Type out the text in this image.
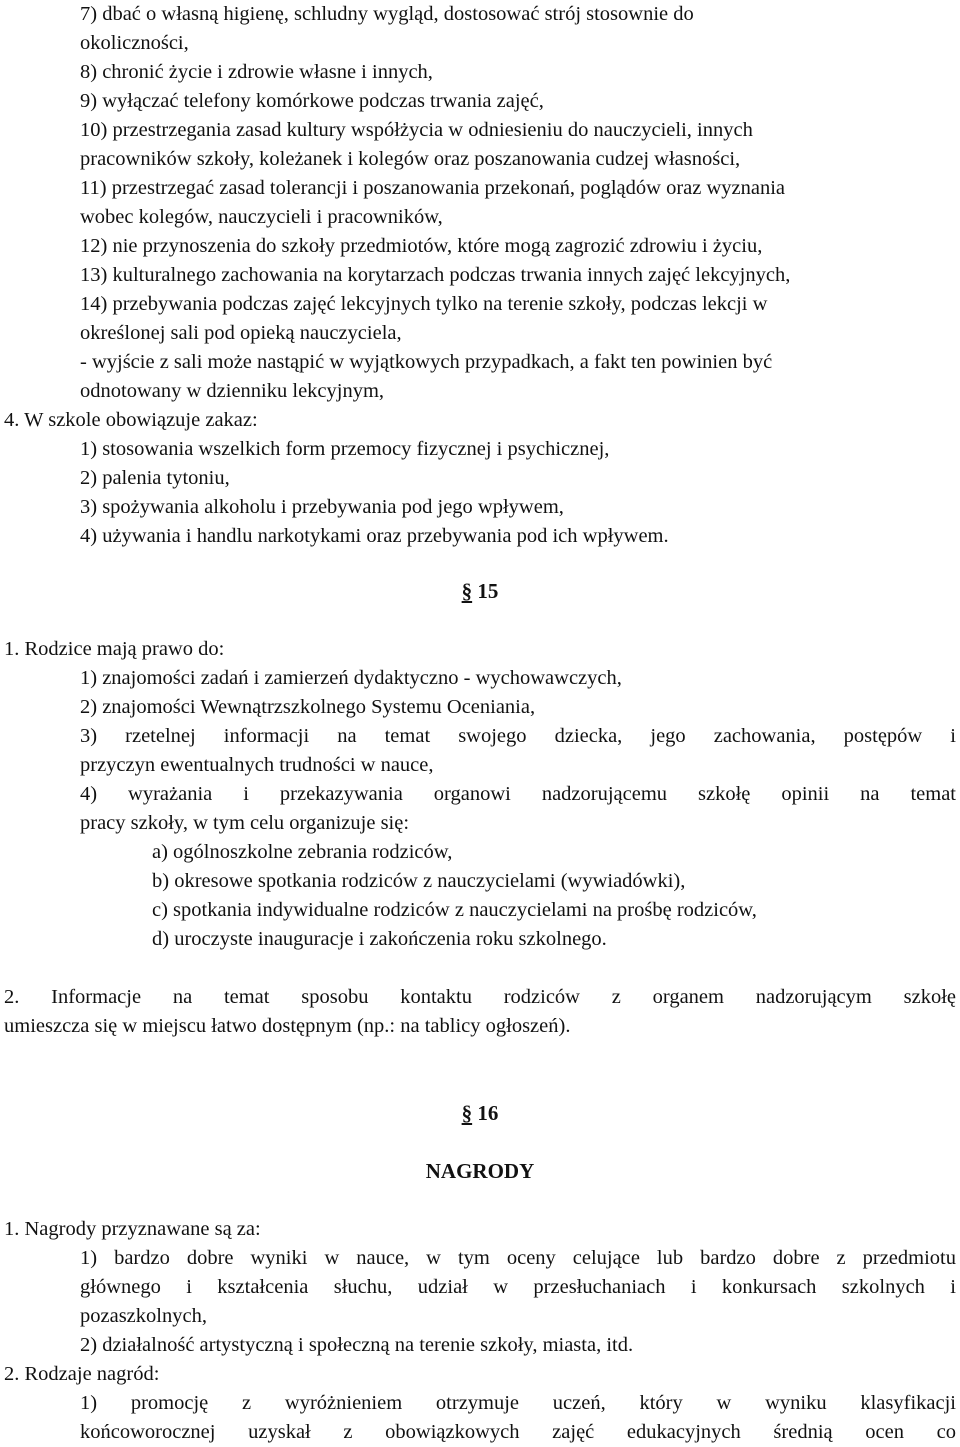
7) dbać o własną higienę, schludny wygląd, dostosować strój stosownie do
okoliczności,
8) chronić życie i zdrowie własne i innych,
9) wyłączać telefony komórkowe podczas trwania zajęć,
10) przestrzegania zasad kultury współżycia w odniesieniu do nauczycieli, innych
pracowników szkoły, koleżanek i kolegów oraz poszanowania cudzej własności,
11) przestrzegać zasad tolerancji i poszanowania przekonań, poglądów oraz wyznania
wobec kolegów, nauczycieli i pracowników,
12) nie przynoszenia do szkoły przedmiotów, które mogą zagrozić zdrowiu i życiu,
13) kulturalnego zachowania na korytarzach podczas trwania innych zajęć lekcyjnych,
14) przebywania podczas zajęć lekcyjnych tylko na terenie szkoły, podczas lekcji w
określonej sali pod opieką nauczyciela,
- wyjście z sali może nastąpić w wyjątkowych przypadkach, a fakt ten powinien być
odnotowany w dzienniku lekcyjnym,
4. W szkole obowiązuje zakaz:
1) stosowania wszelkich form przemocy fizycznej i psychicznej,
2) palenia tytoniu,
3) spożywania alkoholu i przebywania pod jego wpływem,
4) używania i handlu narkotykami oraz przebywania pod ich wpływem.
§ 15
1. Rodzice mają prawo do:
1) znajomości zadań i zamierzeń dydaktyczno - wychowawczych,
2) znajomości Wewnątrzszkolnego Systemu Oceniania,
3) rzetelnej informacji na temat swojego dziecka, jego zachowania, postępów i
przyczyn ewentualnych trudności w nauce,
4) wyrażania i przekazywania organowi nadzorującemu szkołę opinii na temat
pracy szkoły, w tym celu organizuje się:
a) ogólnoszkolne zebrania rodziców,
b) okresowe spotkania rodziców z nauczycielami (wywiadówki),
c) spotkania indywidualne rodziców z nauczycielami na prośbę rodziców,
d) uroczyste inauguracje i zakończenia roku szkolnego.
2. Informacje na temat sposobu kontaktu rodziców z organem nadzorującym szkołę
umieszcza się w miejscu łatwo dostępnym (np.: na tablicy ogłoszeń).
§ 16
NAGRODY
1. Nagrody przyznawane są za:
1) bardzo dobre wyniki w nauce, w tym oceny celujące lub bardzo dobre z przedmiotu
głównego i kształcenia słuchu, udział w przesłuchaniach i konkursach szkolnych i
pozaszkolnych,
2) działalność artystyczną i społeczną na terenie szkoły, miasta, itd.
2. Rodzaje nagród:
1) promocję z wyróżnieniem otrzymuje uczeń, który w wyniku klasyfikacji
końcoworocznej uzyskał z obowiązkowych zajęć edukacyjnych średnią ocen co
